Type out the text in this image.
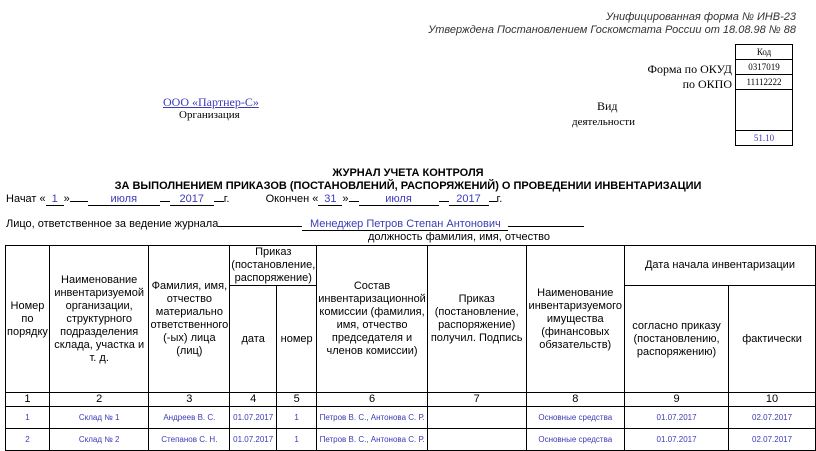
Унифицированная форма № ИНВ-23
Утверждена Постановлением Госкомстата России от 18.08.98 № 88
Код
0317019
11112222
51.10
Форма по ОКУД
по ОКПО
Вид
деятельности
ООО «Партнер-С»
Организация
ЖУРНАЛ УЧЕТА КОНТРОЛЯ
ЗА ВЫПОЛНЕНИЕМ ПРИКАЗОВ (ПОСТАНОВЛЕНИЙ, РАСПОРЯЖЕНИЙ) О ПРОВЕДЕНИИ ИНВЕНТАРИЗАЦИИ
Начат « 1 »	июля	2017 г.	Окончен « 31 »	июля	2017 г.
Лицо, ответственное за ведение журнала	Менеджер Петров Степан Антонович
должность фамилия, имя, отчество
Номер по порядку	Наименование инвентаризуемой организации, структурного подразделения склада, участка и т. д.	Фамилия, имя, отчество материально ответственного (-ых) лица (лиц)	Приказ (постановление, распоряжение)		Состав инвентаризационной комиссии (фамилия, имя, отчество председателя и членов комиссии)	Приказ (постановление, распоряжение) получил. Подпись	Наименование инвентаризуемого имущества (финансовых обязательств)	Дата начала инвентаризации	
			дата	номер				согласно приказу (постановлению, распоряжению)	фактически
1	2	3	4	5	6	7	8	9	10
1	Склад № 1	Андреев В. С.	01.07.2017	1	Петров В. С., Антонова С. Р.		Основные средства	01.07.2017	02.07.2017
2	Склад № 2	Степанов С. Н.	01.07.2017	1	Петров В. С., Антонова С. Р.		Основные средства	01.07.2017	02.07.2017
